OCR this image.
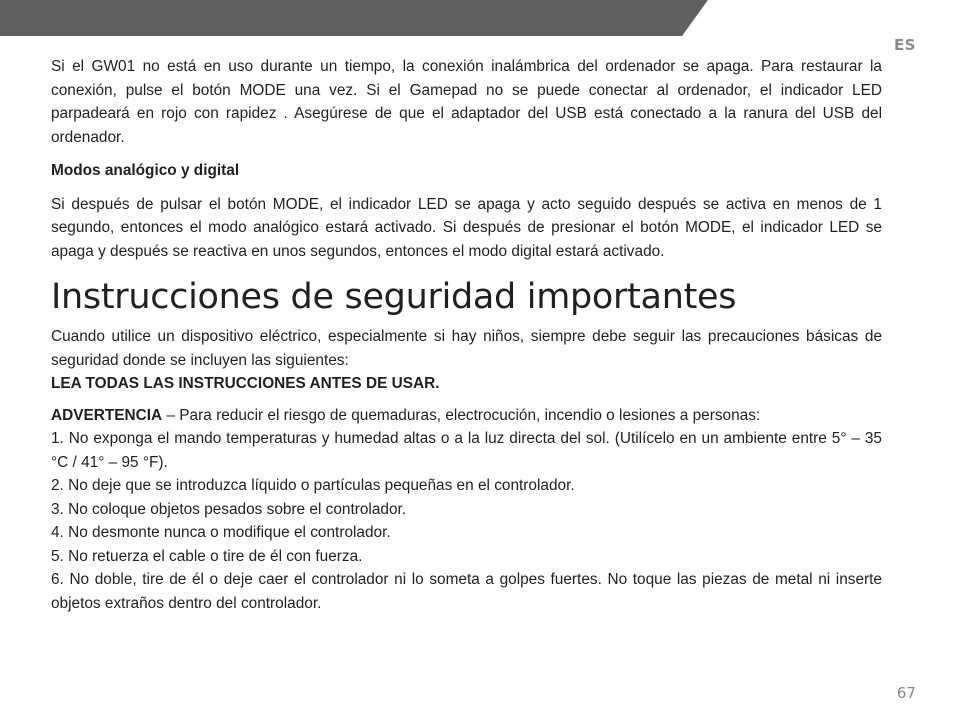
ES

Si el GW01 no está en uso durante un tiempo, la conexión inalámbrica del ordenador se apaga. Para restaurar la conexión, pulse el botón MODE una vez. Si el Gamepad no se puede conectar al ordenador, el indicador LED parpadeará en rojo con rapidez . Asegúrese de que el adaptador del USB está conectado a la ranura del USB del ordenador.

Modos analógico y digital

Si después de pulsar el botón MODE, el indicador LED se apaga y acto seguido después se activa en menos de 1 segundo, entonces el modo analógico estará activado. Si después de presionar el botón MODE, el indicador LED se apaga y después se reactiva en unos segundos, entonces el modo digital estará activado.

Instrucciones de seguridad importantes

Cuando utilice un dispositivo eléctrico, especialmente si hay niños, siempre debe seguir las precauciones básicas de seguridad donde se incluyen las siguientes:

LEA TODAS LAS INSTRUCCIONES ANTES DE USAR.

ADVERTENCIA – Para reducir el riesgo de quemaduras, electrocución, incendio o lesiones a personas:

1. No exponga el mando temperaturas y humedad altas o a la luz directa del sol. (Utilícelo en un ambiente entre 5° – 35 °C / 41° – 95 °F).

2. No deje que se introduzca líquido o partículas pequeñas en el controlador.

3. No coloque objetos pesados sobre el controlador.

4. No desmonte nunca o modifique el controlador.

5. No retuerza el cable o tire de él con fuerza.

6. No doble, tire de él o deje caer el controlador ni lo someta a golpes fuertes. No toque las piezas de metal ni inserte objetos extraños dentro del controlador.

67
